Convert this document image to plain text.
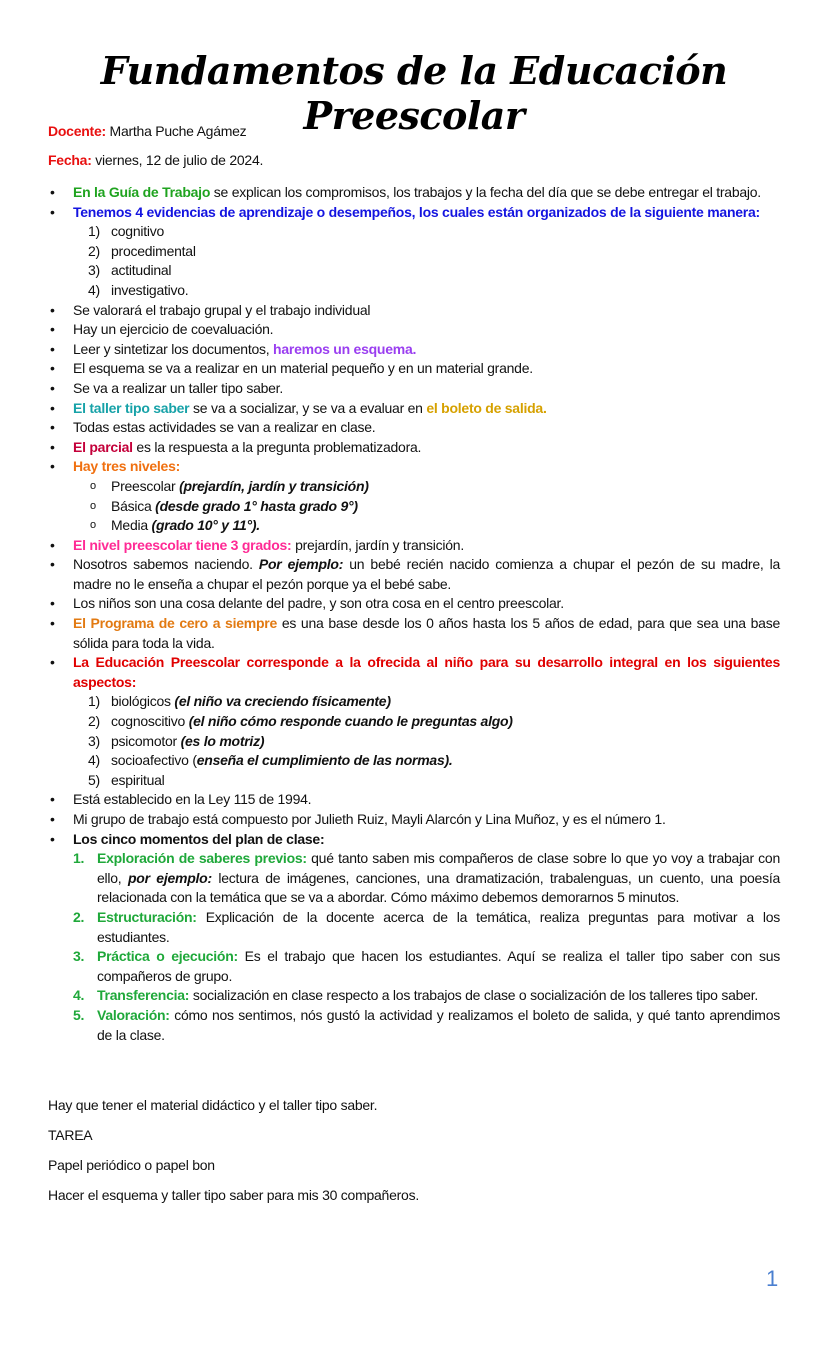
Fundamentos de la Educación Preescolar
Docente: Martha Puche Agámez
Fecha: viernes, 12 de julio de 2024.
• En la Guía de Trabajo se explican los compromisos, los trabajos y la fecha del día que se debe entregar el trabajo.
• Tenemos 4 evidencias de aprendizaje o desempeños, los cuales están organizados de la siguiente manera:
1) cognitivo
2) procedimental
3) actitudinal
4) investigativo.
• Se valorará el trabajo grupal y el trabajo individual
• Hay un ejercicio de coevaluación.
• Leer y sintetizar los documentos, haremos un esquema.
• El esquema se va a realizar en un material pequeño y en un material grande.
• Se va a realizar un taller tipo saber.
• El taller tipo saber se va a socializar, y se va a evaluar en el boleto de salida.
• Todas estas actividades se van a realizar en clase.
• El parcial es la respuesta a la pregunta problematizadora.
• Hay tres niveles:
o Preescolar (prejardín, jardín y transición)
o Básica (desde grado 1° hasta grado 9°)
o Media (grado 10° y 11°).
• El nivel preescolar tiene 3 grados: prejardín, jardín y transición.
• Nosotros sabemos naciendo. Por ejemplo: un bebé recién nacido comienza a chupar el pezón de su madre, la madre no le enseña a chupar el pezón porque ya el bebé sabe.
• Los niños son una cosa delante del padre, y son otra cosa en el centro preescolar.
• El Programa de cero a siempre es una base desde los 0 años hasta los 5 años de edad, para que sea una base sólida para toda la vida.
• La Educación Preescolar corresponde a la ofrecida al niño para su desarrollo integral en los siguientes aspectos:
1) biológicos (el niño va creciendo físicamente)
2) cognoscitivo (el niño cómo responde cuando le preguntas algo)
3) psicomotor (es lo motriz)
4) socioafectivo (enseña el cumplimiento de las normas).
5) espiritual
• Está establecido en la Ley 115 de 1994.
• Mi grupo de trabajo está compuesto por Julieth Ruiz, Mayli Alarcón y Lina Muñoz, y es el número 1.
• Los cinco momentos del plan de clase:
1. Exploración de saberes previos: qué tanto saben mis compañeros de clase sobre lo que yo voy a trabajar con ello, por ejemplo: lectura de imágenes, canciones, una dramatización, trabalenguas, un cuento, una poesía relacionada con la temática que se va a abordar. Cómo máximo debemos demorarnos 5 minutos.
2. Estructuración: Explicación de la docente acerca de la temática, realiza preguntas para motivar a los estudiantes.
3. Práctica o ejecución: Es el trabajo que hacen los estudiantes. Aquí se realiza el taller tipo saber con sus compañeros de grupo.
4. Transferencia: socialización en clase respecto a los trabajos de clase o socialización de los talleres tipo saber.
5. Valoración: cómo nos sentimos, nós gustó la actividad y realizamos el boleto de salida, y qué tanto aprendimos de la clase.
Hay que tener el material didáctico y el taller tipo saber.
TAREA
Papel periódico o papel bon
Hacer el esquema y taller tipo saber para mis 30 compañeros.
1
